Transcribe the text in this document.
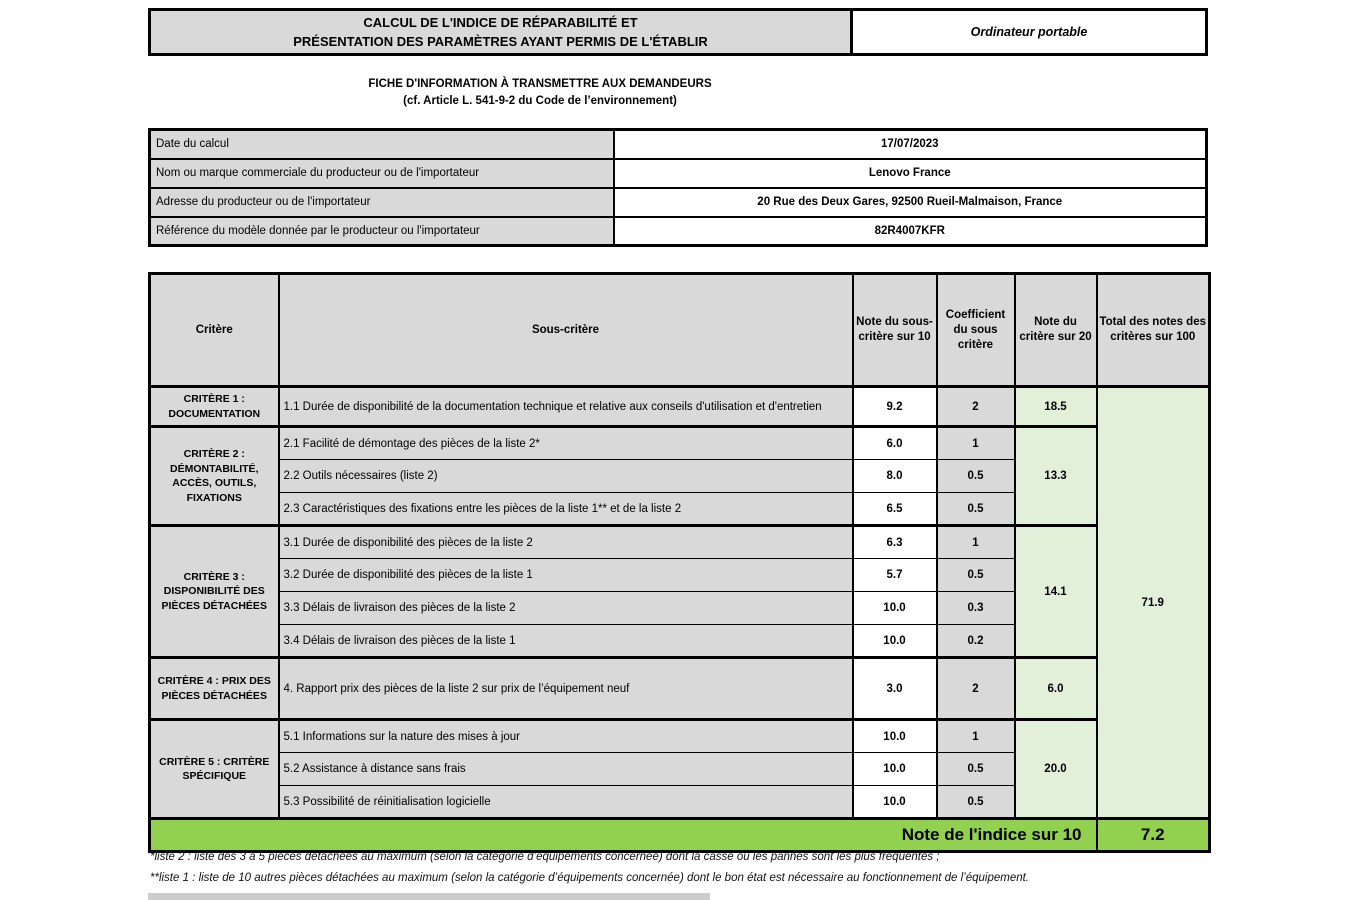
CALCUL DE L'INDICE DE RÉPARABILITÉ ET
PRÉSENTATION DES PARAMÈTRES AYANT PERMIS DE L'ÉTABLIR
Ordinateur portable
FICHE D'INFORMATION À TRANSMETTRE AUX DEMANDEURS
(cf. Article L. 541-9-2 du Code de l’environnement)
Date du calcul	17/07/2023
Nom ou marque commerciale du producteur ou de l'importateur	Lenovo France
Adresse du producteur ou de l'importateur	20 Rue des Deux Gares, 92500 Rueil-Malmaison, France
Référence du modèle donnée par le producteur ou l'importateur	82R4007KFR
Critère	Sous-critère	Note du sous-critère sur 10	Coefficient du sous critère	Note du critère sur 20	Total des notes des critères sur 100
CRITÈRE 1 : DOCUMENTATION	1.1 Durée de disponibilité de la documentation technique et relative aux conseils d'utilisation et d'entretien	9.2	2	18.5	71.9
CRITÈRE 2 : DÉMONTABILITÉ, ACCÈS, OUTILS, FIXATIONS	2.1 Facilité de démontage des pièces de la liste 2*	6.0	1	13.3	
	2.2 Outils nécessaires (liste 2)	8.0	0.5		
	2.3 Caractéristiques des fixations entre les pièces de la liste 1** et de la liste 2	6.5	0.5		
CRITÈRE 3 : DISPONIBILITÉ DES PIÈCES DÉTACHÉES	3.1 Durée de disponibilité des pièces de la liste 2	6.3	1	14.1	
	3.2 Durée de disponibilité des pièces de la liste 1	5.7	0.5		
	3.3 Délais de livraison des pièces de la liste 2	10.0	0.3		
	3.4 Délais de livraison des pièces de la liste 1	10.0	0.2		
CRITÈRE 4 : PRIX DES PIÈCES DÉTACHÉES	4. Rapport prix des pièces de la liste 2 sur prix de l’équipement neuf	3.0	2	6.0	
CRITÈRE 5 : CRITÈRE SPÉCIFIQUE	5.1 Informations sur la nature des mises à jour	10.0	1	20.0	
	5.2 Assistance à distance sans frais	10.0	0.5		
	5.3 Possibilité de réinitialisation logicielle	10.0	0.5		
Note de l'indice sur 10					7.2
*liste 2 : liste des 3 à 5 pièces détachées au maximum (selon la catégorie d’équipements concernée) dont la casse ou les pannes sont les plus fréquentes ;
**liste 1 : liste de 10 autres pièces détachées au maximum (selon la catégorie d’équipements concernée) dont le bon état est nécessaire au fonctionnement de l’équipement.
